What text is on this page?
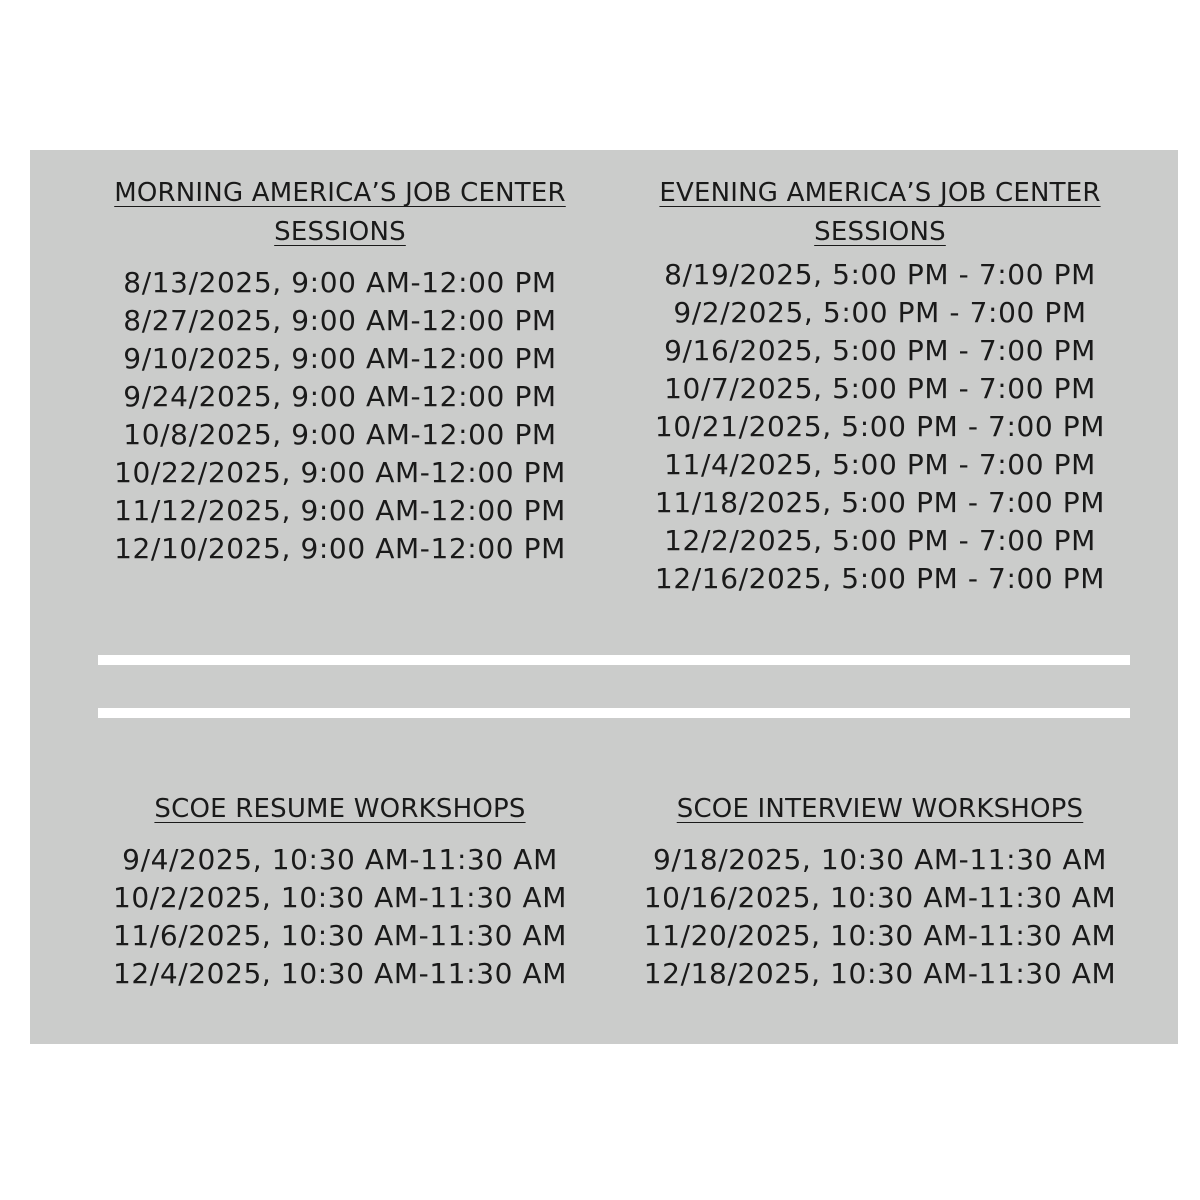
MORNING AMERICA’S JOB CENTER
SESSIONS
8/13/2025, 9:00 AM-12:00 PM
8/27/2025, 9:00 AM-12:00 PM
9/10/2025, 9:00 AM-12:00 PM
9/24/2025, 9:00 AM-12:00 PM
10/8/2025, 9:00 AM-12:00 PM
10/22/2025, 9:00 AM-12:00 PM
11/12/2025, 9:00 AM-12:00 PM
12/10/2025, 9:00 AM-12:00 PM
EVENING AMERICA’S JOB CENTER
SESSIONS
8/19/2025, 5:00 PM - 7:00 PM
9/2/2025, 5:00 PM - 7:00 PM
9/16/2025, 5:00 PM - 7:00 PM
10/7/2025, 5:00 PM - 7:00 PM
10/21/2025, 5:00 PM - 7:00 PM
11/4/2025, 5:00 PM - 7:00 PM
11/18/2025, 5:00 PM - 7:00 PM
12/2/2025, 5:00 PM - 7:00 PM
12/16/2025, 5:00 PM - 7:00 PM
SCOE RESUME WORKSHOPS
9/4/2025, 10:30 AM-11:30 AM
10/2/2025, 10:30 AM-11:30 AM
11/6/2025, 10:30 AM-11:30 AM
12/4/2025, 10:30 AM-11:30 AM
SCOE INTERVIEW WORKSHOPS
9/18/2025, 10:30 AM-11:30 AM
10/16/2025, 10:30 AM-11:30 AM
11/20/2025, 10:30 AM-11:30 AM
12/18/2025, 10:30 AM-11:30 AM
